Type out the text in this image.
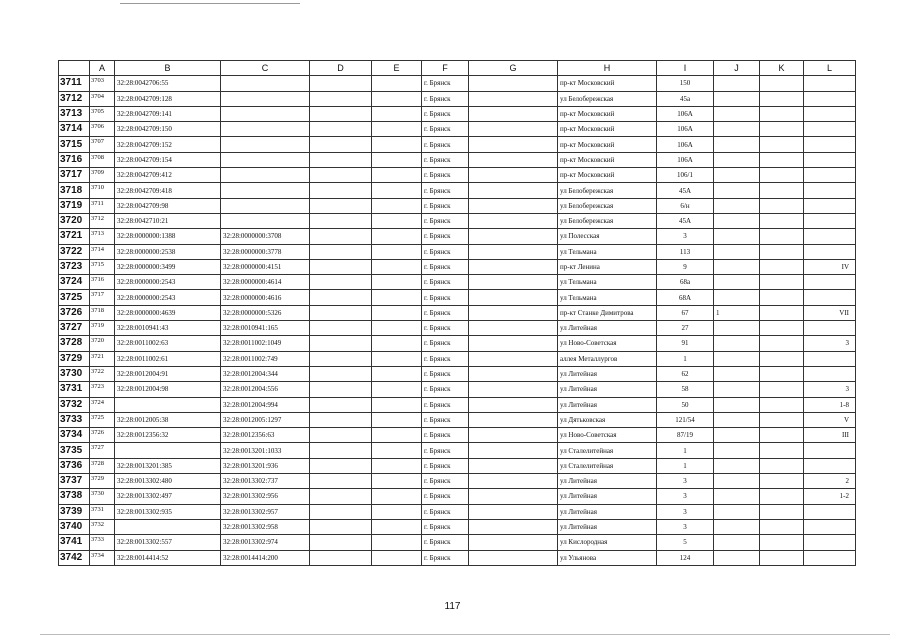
	A	B	C	D	E	F	G	H	I	J	K	L
3711	3703	32:28:0042706:55				г. Брянск		пр-кт Московский	150			
3712	3704	32:28:0042709:128				г. Брянск		ул Белобережская	45а			
3713	3705	32:28:0042709:141				г. Брянск		пр-кт Московский	106А			
3714	3706	32:28:0042709:150				г. Брянск		пр-кт Московский	106А			
3715	3707	32:28:0042709:152				г. Брянск		пр-кт Московский	106А			
3716	3708	32:28:0042709:154				г. Брянск		пр-кт Московский	106А			
3717	3709	32:28:0042709:412				г. Брянск		пр-кт Московский	106/1			
3718	3710	32:28:0042709:418				г. Брянск		ул Белобережская	45А			
3719	3711	32:28:0042709:98				г. Брянск		ул Белобережская	6/н			
3720	3712	32:28:0042710:21				г. Брянск		ул Белобережская	45А			
3721	3713	32:28:0000000:1388	32:28:0000000:3708			г. Брянск		ул Полесская	3			
3722	3714	32:28:0000000:2538	32:28:0000000:3778			г. Брянск		ул Тельмана	113			
3723	3715	32:28:0000000:3499	32:28:0000000:4151			г. Брянск		пр-кт Ленина	9			IV
3724	3716	32:28:0000000:2543	32:28:0000000:4614			г. Брянск		ул Тельмана	68а			
3725	3717	32:28:0000000:2543	32:28:0000000:4616			г. Брянск		ул Тельмана	68А			
3726	3718	32:28:0000000:4639	32:28:0000000:5326			г. Брянск		пр-кт Станке Димитрова	67	1		VII
3727	3719	32:28:0010941:43	32:28:0010941:165			г. Брянск		ул Литейная	27			
3728	3720	32:28:0011002:63	32:28:0011002:1049			г. Брянск		ул Ново-Советская	91			3
3729	3721	32:28:0011002:61	32:28:0011002:749			г. Брянск		аллея Металлургов	1			
3730	3722	32:28:0012004:91	32:28:0012004:344			г. Брянск		ул Литейная	62			
3731	3723	32:28:0012004:98	32:28:0012004:556			г. Брянск		ул Литейная	58			3
3732	3724		32:28:0012004:994			г. Брянск		ул Литейная	50			1-8
3733	3725	32:28:0012005:38	32:28:0012005:1297			г. Брянск		ул Дятьковская	121/54			V
3734	3726	32:28:0012356:32	32:28:0012356:63			г. Брянск		ул Ново-Советская	87/19			III
3735	3727		32:28:0013201:1033			г. Брянск		ул Сталелитейная	1			
3736	3728	32:28:0013201:385	32:28:0013201:936			г. Брянск		ул Сталелитейная	1			
3737	3729	32:28:0013302:480	32:28:0013302:737			г. Брянск		ул Литейная	3			2
3738	3730	32:28:0013302:497	32:28:0013302:956			г. Брянск		ул Литейная	3			1-2
3739	3731	32:28:0013302:935	32:28:0013302:957			г. Брянск		ул Литейная	3			
3740	3732		32:28:0013302:958			г. Брянск		ул Литейная	3			
3741	3733	32:28:0013302:557	32:28:0013302:974			г. Брянск		ул Кислородная	5			
3742	3734	32:28:0014414:52	32:28:0014414:200			г. Брянск		ул Ульянова	124			
117
